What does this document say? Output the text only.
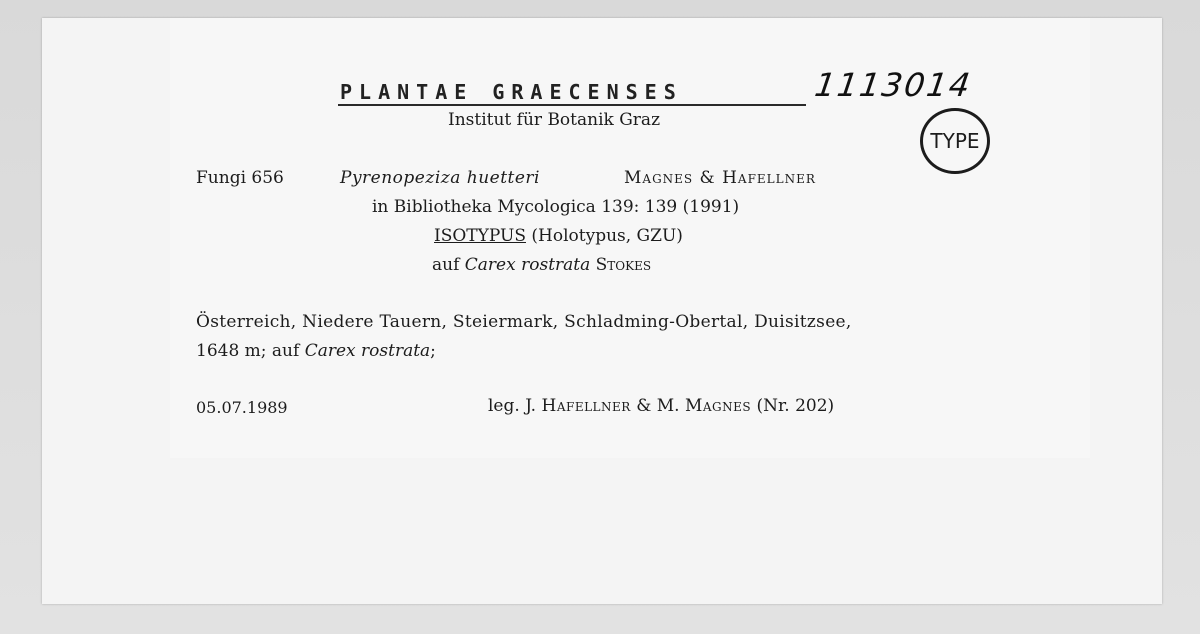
PLANTAE GRAECENSES	1113014
Institut für Botanik Graz
TYPE
Fungi 656	Pyrenopeziza huetteri	Magnes & Hafellner
in Bibliotheka Mycologica 139: 139 (1991)
ISOTYPUS (Holotypus, GZU)
auf Carex rostrata Stokes
Österreich, Niedere Tauern, Steiermark, Schladming-Obertal, Duisitzsee,
1648 m; auf Carex rostrata;
05.07.1989	leg. J. Hafellner & M. Magnes (Nr. 202)
